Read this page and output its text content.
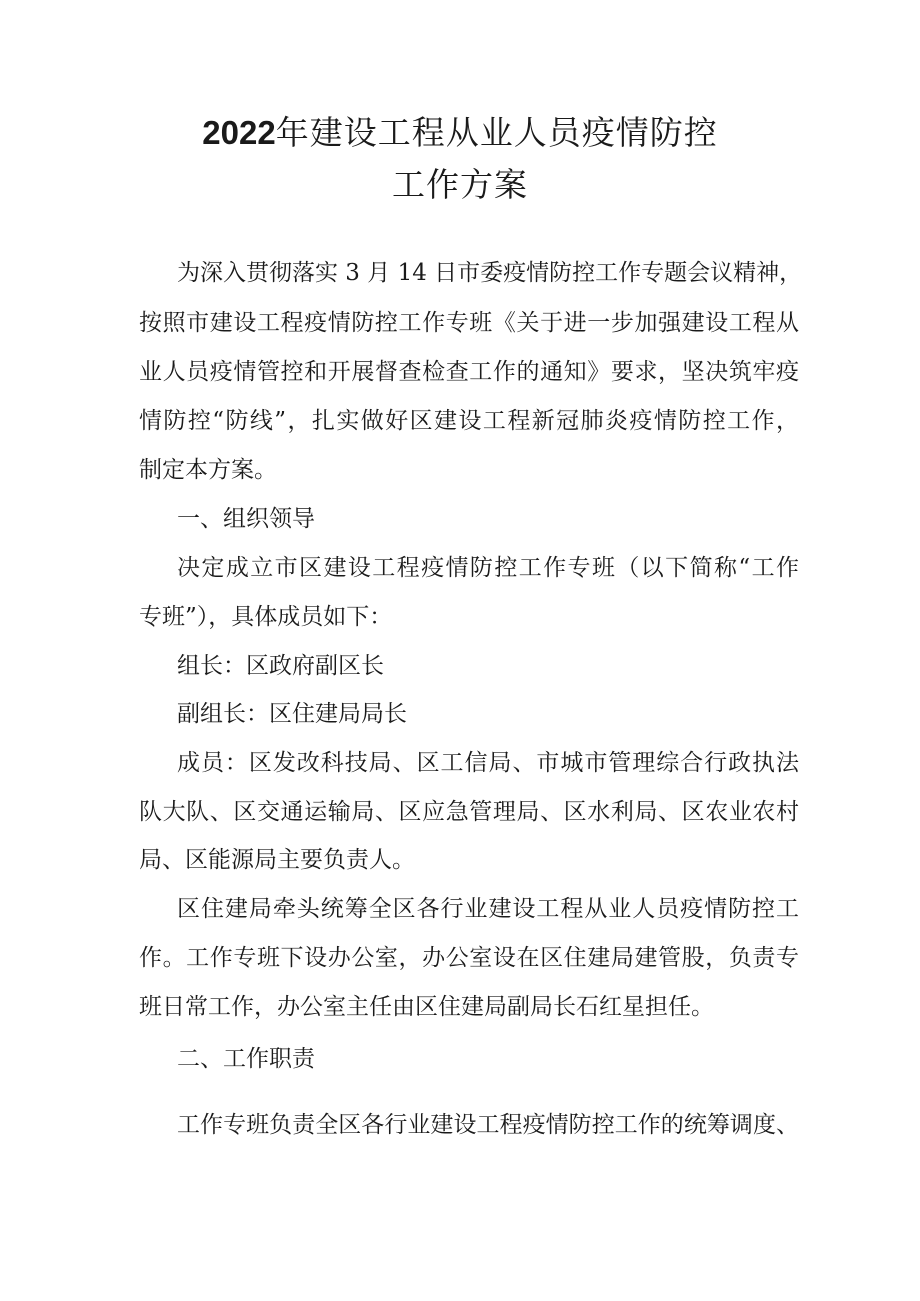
2022年建设工程从业人员疫情防控
工作方案
为深入贯彻落实 3 月 14 日市委疫情防控工作专题会议精神，
按照市建设工程疫情防控工作专班《关于进一步加强建设工程从
业人员疫情管控和开展督查检查工作的通知》要求，坚决筑牢疫
情防控“防线”，扎实做好区建设工程新冠肺炎疫情防控工作，
制定本方案。
一、组织领导
决定成立市区建设工程疫情防控工作专班（以下简称“工作
专班”），具体成员如下：
组长：区政府副区长
副组长：区住建局局长
成员：区发改科技局、区工信局、市城市管理综合行政执法
队大队、区交通运输局、区应急管理局、区水利局、区农业农村
局、区能源局主要负责人。
区住建局牵头统筹全区各行业建设工程从业人员疫情防控工
作。工作专班下设办公室，办公室设在区住建局建管股，负责专
班日常工作，办公室主任由区住建局副局长石红星担任。
二、工作职责
工作专班负责全区各行业建设工程疫情防控工作的统筹调度、
